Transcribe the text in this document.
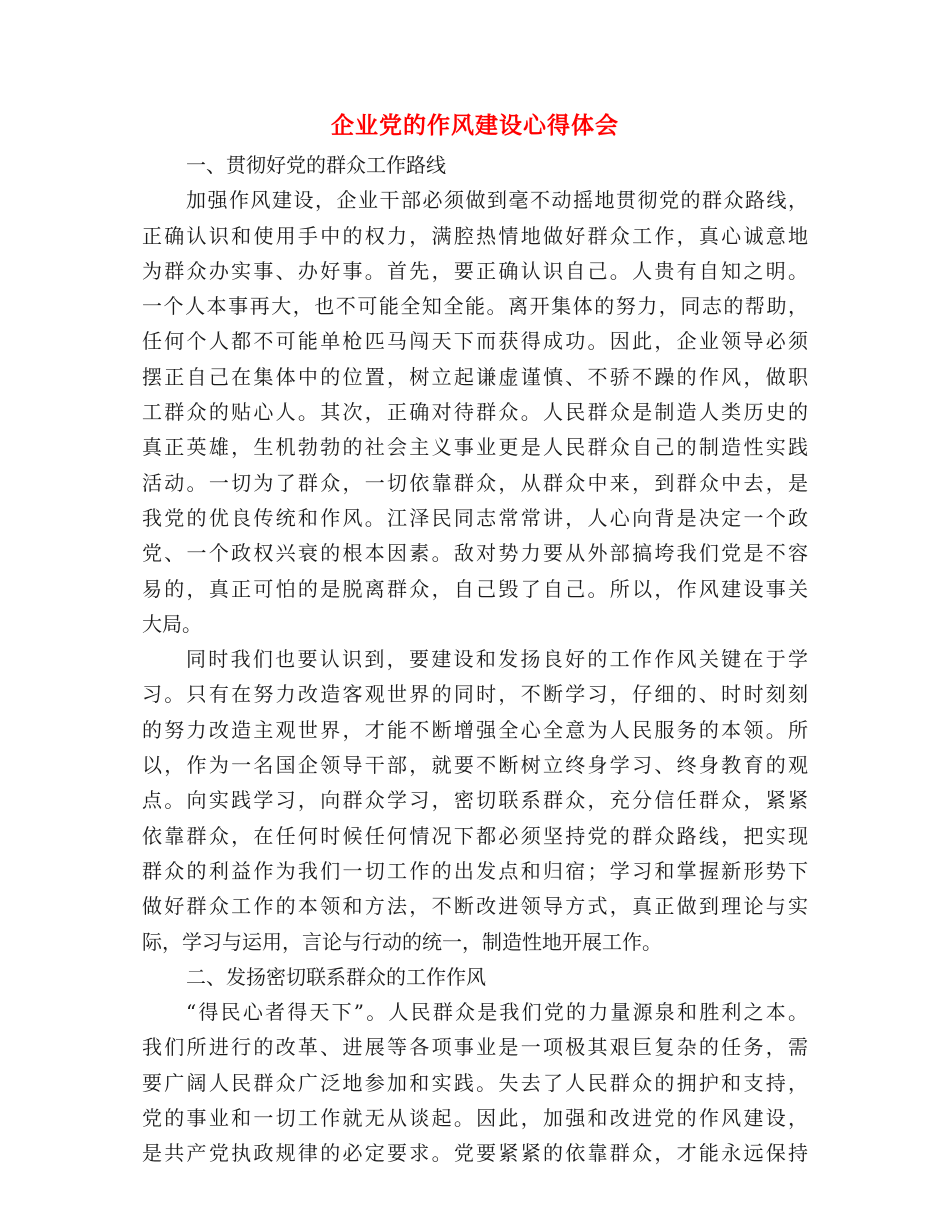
企业党的作风建设心得体会
一、贯彻好党的群众工作路线
加强作风建设，企业干部必须做到毫不动摇地贯彻党的群众路线，
正确认识和使用手中的权力，满腔热情地做好群众工作，真心诚意地
为群众办实事、办好事。首先，要正确认识自己。人贵有自知之明。
一个人本事再大，也不可能全知全能。离开集体的努力，同志的帮助，
任何个人都不可能单枪匹马闯天下而获得成功。因此，企业领导必须
摆正自己在集体中的位置，树立起谦虚谨慎、不骄不躁的作风，做职
工群众的贴心人。其次，正确对待群众。人民群众是制造人类历史的
真正英雄，生机勃勃的社会主义事业更是人民群众自己的制造性实践
活动。一切为了群众，一切依靠群众，从群众中来，到群众中去，是
我党的优良传统和作风。江泽民同志常常讲，人心向背是决定一个政
党、一个政权兴衰的根本因素。敌对势力要从外部搞垮我们党是不容
易的，真正可怕的是脱离群众，自己毁了自己。所以，作风建设事关
大局。
同时我们也要认识到，要建设和发扬良好的工作作风关键在于学
习。只有在努力改造客观世界的同时，不断学习，仔细的、时时刻刻
的努力改造主观世界，才能不断增强全心全意为人民服务的本领。所
以，作为一名国企领导干部，就要不断树立终身学习、终身教育的观
点。向实践学习，向群众学习，密切联系群众，充分信任群众，紧紧
依靠群众，在任何时候任何情况下都必须坚持党的群众路线，把实现
群众的利益作为我们一切工作的出发点和归宿；学习和掌握新形势下
做好群众工作的本领和方法，不断改进领导方式，真正做到理论与实
际，学习与运用，言论与行动的统一，制造性地开展工作。
二、发扬密切联系群众的工作作风
“得民心者得天下”。人民群众是我们党的力量源泉和胜利之本。
我们所进行的改革、进展等各项事业是一项极其艰巨复杂的任务，需
要广阔人民群众广泛地参加和实践。失去了人民群众的拥护和支持，
党的事业和一切工作就无从谈起。因此，加强和改进党的作风建设，
是共产党执政规律的必定要求。党要紧紧的依靠群众，才能永远保持
